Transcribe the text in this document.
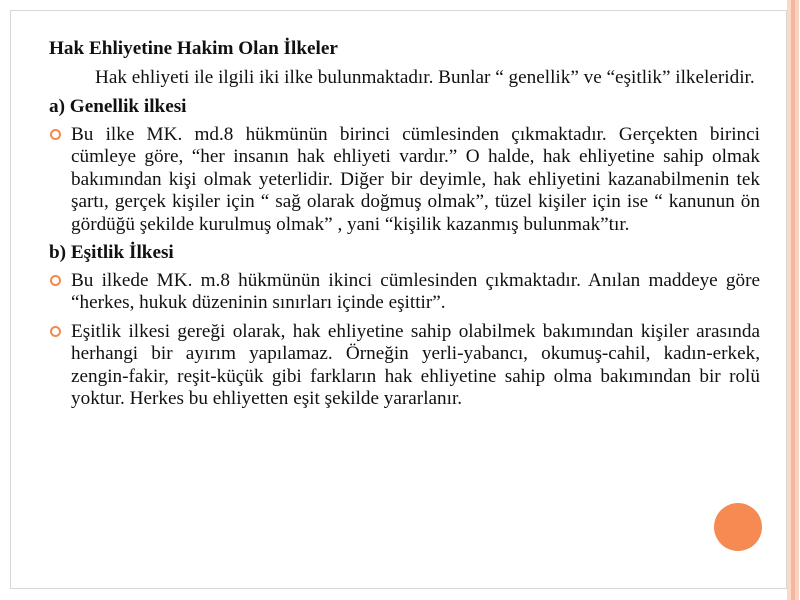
Hak Ehliyetine Hakim Olan İlkeler

Hak ehliyeti ile ilgili iki ilke bulunmaktadır. Bunlar “ genellik” ve “eşitlik” ilkeleridir.

a) Genellik ilkesi

Bu ilke MK. md.8 hükmünün birinci cümlesinden çıkmaktadır. Gerçekten birinci cümleye göre, “her insanın hak ehliyeti vardır.” O halde, hak ehliyetine sahip olmak bakımından kişi olmak yeterlidir. Diğer bir deyimle, hak ehliyetini kazanabilmenin tek şartı, gerçek kişiler için “ sağ olarak doğmuş olmak”, tüzel kişiler için ise “ kanunun ön gördüğü şekilde kurulmuş olmak” , yani “kişilik kazanmış bulunmak”tır.

b) Eşitlik İlkesi

Bu ilkede MK. m.8 hükmünün ikinci cümlesinden çıkmaktadır. Anılan maddeye göre “herkes, hukuk düzeninin sınırları içinde eşittir”.
Eşitlik ilkesi gereği olarak, hak ehliyetine sahip olabilmek bakımından kişiler arasında herhangi bir ayırım yapılamaz. Örneğin yerli-yabancı, okumuş-cahil, kadın-erkek, zengin-fakir, reşit-küçük gibi farkların hak ehliyetine sahip olma bakımından bir rolü yoktur. Herkes bu ehliyetten eşit şekilde yararlanır.
